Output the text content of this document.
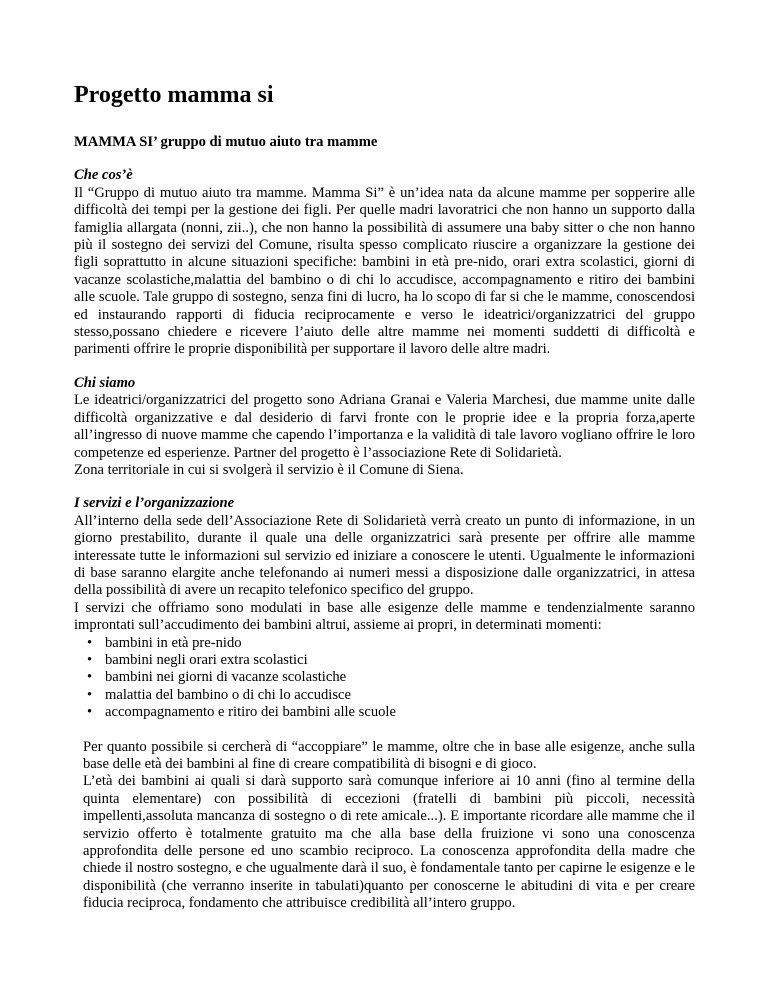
Progetto mamma si
MAMMA SI’ gruppo di mutuo aiuto tra mamme
Che cos’è

Il “Gruppo di mutuo aiuto tra mamme. Mamma Si” è un’idea nata da alcune mamme per sopperire alle difficoltà dei tempi per la gestione dei figli. Per quelle madri lavoratrici che non hanno un supporto dalla famiglia allargata (nonni, zii..), che non hanno la possibilità di assumere una baby sitter o che non hanno più il sostegno dei servizi del Comune, risulta spesso complicato riuscire a organizzare la gestione dei figli soprattutto in alcune situazioni specifiche: bambini in età pre-nido, orari extra scolastici, giorni di vacanze scolastiche,malattia del bambino o di chi lo accudisce, accompagnamento e ritiro dei bambini alle scuole. Tale gruppo di sostegno, senza fini di lucro, ha lo scopo di far si che le mamme, conoscendosi ed instaurando rapporti di fiducia reciprocamente e verso le ideatrici/organizzatrici del gruppo stesso,possano chiedere e ricevere l’aiuto delle altre mamme nei momenti suddetti di difficoltà e parimenti offrire le proprie disponibilità per supportare il lavoro delle altre madri.

Chi siamo

Le ideatrici/organizzatrici del progetto sono Adriana Granai e Valeria Marchesi, due mamme unite dalle difficoltà organizzative e dal desiderio di farvi fronte con le proprie idee e la propria forza,aperte all’ingresso di nuove mamme che capendo l’importanza e la validità di tale lavoro vogliano offrire le loro competenze ed esperienze. Partner del progetto è l’associazione Rete di Solidarietà.

Zona territoriale in cui si svolgerà il servizio è il Comune di Siena.

I servizi e l’organizzazione

All’interno della sede dell’Associazione Rete di Solidarietà verrà creato un punto di informazione, in un giorno prestabilito, durante il quale una delle organizzatrici sarà presente per offrire alle mamme interessate tutte le informazioni sul servizio ed iniziare a conoscere le utenti. Ugualmente le informazioni di base saranno elargite anche telefonando ai numeri messi a disposizione dalle organizzatrici, in attesa della possibilità di avere un recapito telefonico specifico del gruppo.

I servizi che offriamo sono modulati in base alle esigenze delle mamme e tendenzialmente saranno improntati sull’accudimento dei bambini altrui, assieme ai propri, in determinati momenti:

• bambini in età pre-nido
• bambini negli orari extra scolastici
• bambini nei giorni di vacanze scolastiche
• malattia del bambino o di chi lo accudisce
• accompagnamento e ritiro dei bambini alle scuole

Per quanto possibile si cercherà di “accoppiare” le mamme, oltre che in base alle esigenze, anche sulla base delle età dei bambini al fine di creare compatibilità di bisogni e di gioco.

L’età dei bambini ai quali si darà supporto sarà comunque inferiore ai 10 anni (fino al termine della quinta elementare) con possibilità di eccezioni (fratelli di bambini più piccoli, necessità impellenti,assoluta mancanza di sostegno o di rete amicale...). E importante ricordare alle mamme che il servizio offerto è totalmente gratuito ma che alla base della fruizione vi sono una conoscenza approfondita delle persone ed uno scambio reciproco. La conoscenza approfondita della madre che chiede il nostro sostegno, e che ugualmente darà il suo, è fondamentale tanto per capirne le esigenze e le disponibilità (che verranno inserite in tabulati)quanto per conoscerne le abitudini di vita e per creare fiducia reciproca, fondamento che attribuisce credibilità all’intero gruppo.
